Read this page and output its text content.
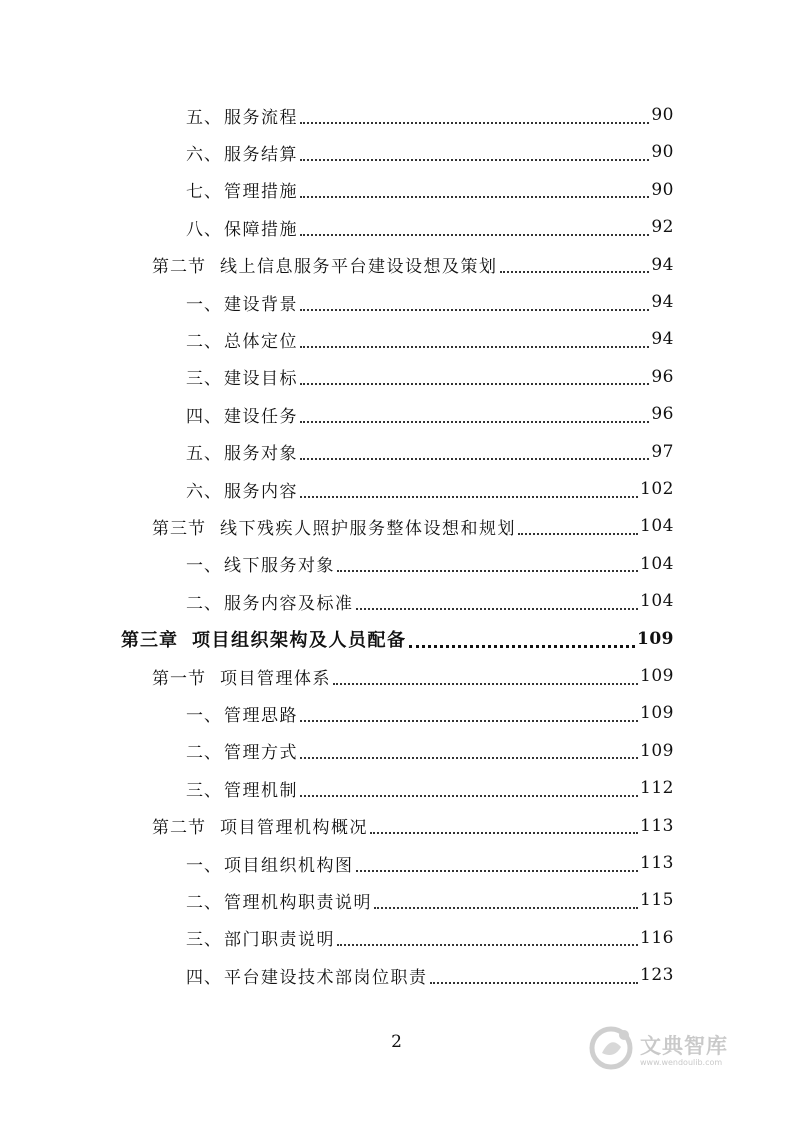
五、 服务流程	90
六、 服务结算	90
七、 管理措施	90
八、 保障措施	92
第二节 线上信息服务平台建设设想及策划	94
一、 建设背景	94
二、 总体定位	94
三、 建设目标	96
四、 建设任务	96
五、 服务对象	97
六、 服务内容	102
第三节 线下残疾人照护服务整体设想和规划	104
一、 线下服务对象	104
二、 服务内容及标准	104
第三章 项目组织架构及人员配备	109
第一节 项目管理体系	109
一、 管理思路	109
二、 管理方式	109
三、 管理机制	112
第二节 项目管理机构概况	113
一、 项目组织机构图	113
二、 管理机构职责说明	115
三、 部门职责说明	116
四、 平台建设技术部岗位职责	123
2	文典智库
www.wendoulib.com
